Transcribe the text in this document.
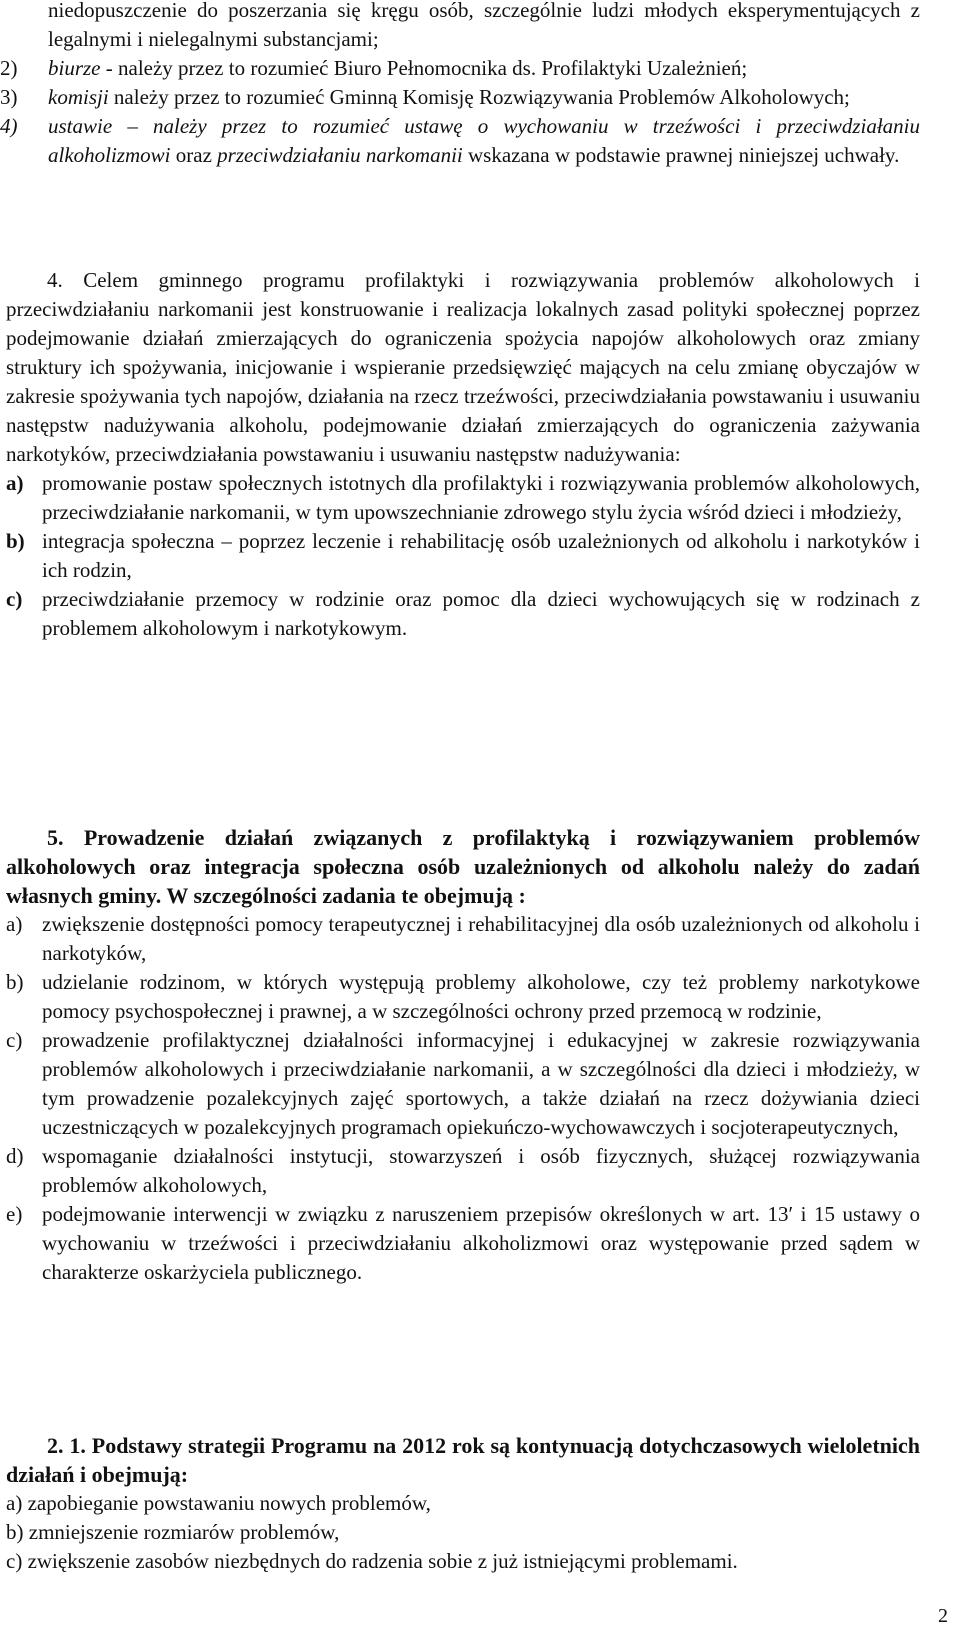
niedopuszczenie do poszerzania się kręgu osób, szczególnie ludzi młodych eksperymentujących z legalnymi i nielegalnymi substancjami;

2)	biurze - należy przez to rozumieć Biuro Pełnomocnika ds. Profilaktyki Uzależnień;
3)	komisji należy przez to rozumieć Gminną Komisję Rozwiązywania Problemów Alkoholowych;
4)	ustawie – należy przez to rozumieć ustawę o wychowaniu w trzeźwości i przeciwdziałaniu alkoholizmowi oraz przeciwdziałaniu narkomanii wskazana w podstawie prawnej niniejszej uchwały.

4. Celem gminnego programu profilaktyki i rozwiązywania problemów alkoholowych i przeciwdziałaniu narkomanii jest konstruowanie i realizacja lokalnych zasad polityki społecznej poprzez podejmowanie działań zmierzających do ograniczenia spożycia napojów alkoholowych oraz zmiany struktury ich spożywania, inicjowanie i wspieranie przedsięwzięć mających na celu zmianę obyczajów w zakresie spożywania tych napojów, działania na rzecz trzeźwości, przeciwdziałania powstawaniu i usuwaniu następstw nadużywania alkoholu, podejmowanie działań zmierzających do ograniczenia zażywania narkotyków, przeciwdziałania powstawaniu i usuwaniu następstw nadużywania:

a) promowanie postaw społecznych istotnych dla profilaktyki i rozwiązywania problemów alkoholowych, przeciwdziałanie narkomanii, w tym upowszechnianie zdrowego stylu życia wśród dzieci i młodzieży,
b) integracja społeczna – poprzez leczenie i rehabilitację osób uzależnionych od alkoholu i narkotyków i ich rodzin,
c) przeciwdziałanie przemocy w rodzinie oraz pomoc dla dzieci wychowujących się w rodzinach z problemem alkoholowym i narkotykowym.

5. Prowadzenie działań związanych z profilaktyką i rozwiązywaniem problemów alkoholowych oraz integracja społeczna osób uzależnionych od alkoholu należy do zadań własnych gminy. W szczególności zadania te obejmują :

a) zwiększenie dostępności pomocy terapeutycznej i rehabilitacyjnej dla osób uzależnionych od alkoholu i narkotyków,
b) udzielanie rodzinom, w których występują problemy alkoholowe, czy też problemy narkotykowe pomocy psychospołecznej i prawnej, a w szczególności ochrony przed przemocą w rodzinie,
c) prowadzenie profilaktycznej działalności informacyjnej i edukacyjnej w zakresie rozwiązywania problemów alkoholowych i przeciwdziałanie narkomanii, a w szczególności dla dzieci i młodzieży, w tym prowadzenie pozalekcyjnych zajęć sportowych, a także działań na rzecz dożywiania dzieci uczestniczących w pozalekcyjnych programach opiekuńczo-wychowawczych i socjoterapeutycznych,
d) wspomaganie działalności instytucji, stowarzyszeń i osób fizycznych, służącej rozwiązywania problemów alkoholowych,
e) podejmowanie interwencji w związku z naruszeniem przepisów określonych w art. 13′ i 15 ustawy o wychowaniu w trzeźwości i przeciwdziałaniu alkoholizmowi oraz występowanie przed sądem w charakterze oskarżyciela publicznego.

2. 1. Podstawy strategii Programu na 2012 rok są kontynuacją dotychczasowych wieloletnich działań i obejmują:

a) zapobieganie powstawaniu nowych problemów,

b) zmniejszenie rozmiarów problemów,

c) zwiększenie zasobów niezbędnych do radzenia sobie z już istniejącymi problemami.

2
